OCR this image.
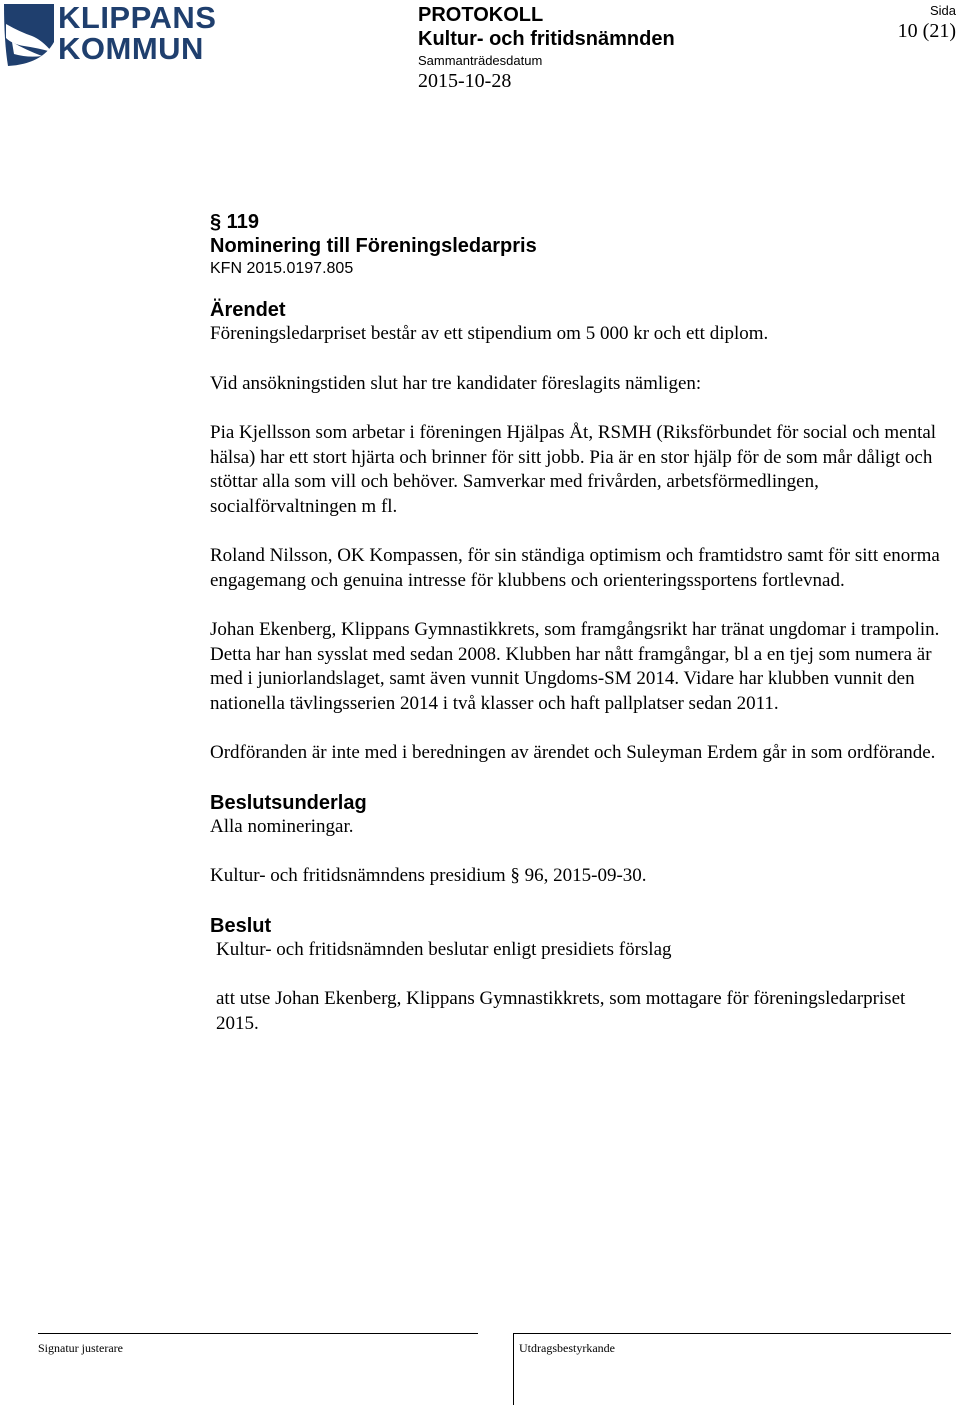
KLIPPANS
KOMMUN
PROTOKOLL
Kultur- och fritidsnämnden
Sammanträdesdatum
2015-10-28
Sida
10 (21)
§ 119
Nominering till Föreningsledarpris
KFN 2015.0197.805
Ärendet

Föreningsledarpriset består av ett stipendium om 5 000 kr och ett diplom.

Vid ansökningstiden slut har tre kandidater föreslagits nämligen:

Pia Kjellsson som arbetar i föreningen Hjälpas Åt, RSMH (Riksförbundet för social och mental hälsa) har ett stort hjärta och brinner för sitt jobb. Pia är en stor hjälp för de som mår dåligt och stöttar alla som vill och behöver. Samverkar med frivården, arbetsförmedlingen, socialförvaltningen m fl.

Roland Nilsson, OK Kompassen, för sin ständiga optimism och framtidstro samt för sitt enorma engagemang och genuina intresse för klubbens och orienteringssportens fortlevnad.

Johan Ekenberg, Klippans Gymnastikkrets, som framgångsrikt har tränat ungdomar i trampolin. Detta har han sysslat med sedan 2008. Klubben har nått framgångar, bl a en tjej som numera är med i juniorlandslaget, samt även vunnit Ungdoms-SM 2014. Vidare har klubben vunnit den nationella tävlingsserien 2014 i två klasser och haft pallplatser sedan 2011.

Ordföranden är inte med i beredningen av ärendet och Suleyman Erdem går in som ordförande.

Beslutsunderlag

Alla nomineringar.

Kultur- och fritidsnämndens presidium § 96, 2015-09-30.

Beslut

Kultur- och fritidsnämnden beslutar enligt presidiets förslag

att utse Johan Ekenberg, Klippans Gymnastikkrets, som mottagare för föreningsledarpriset 2015.

Signatur justerare	Utdragsbestyrkande
